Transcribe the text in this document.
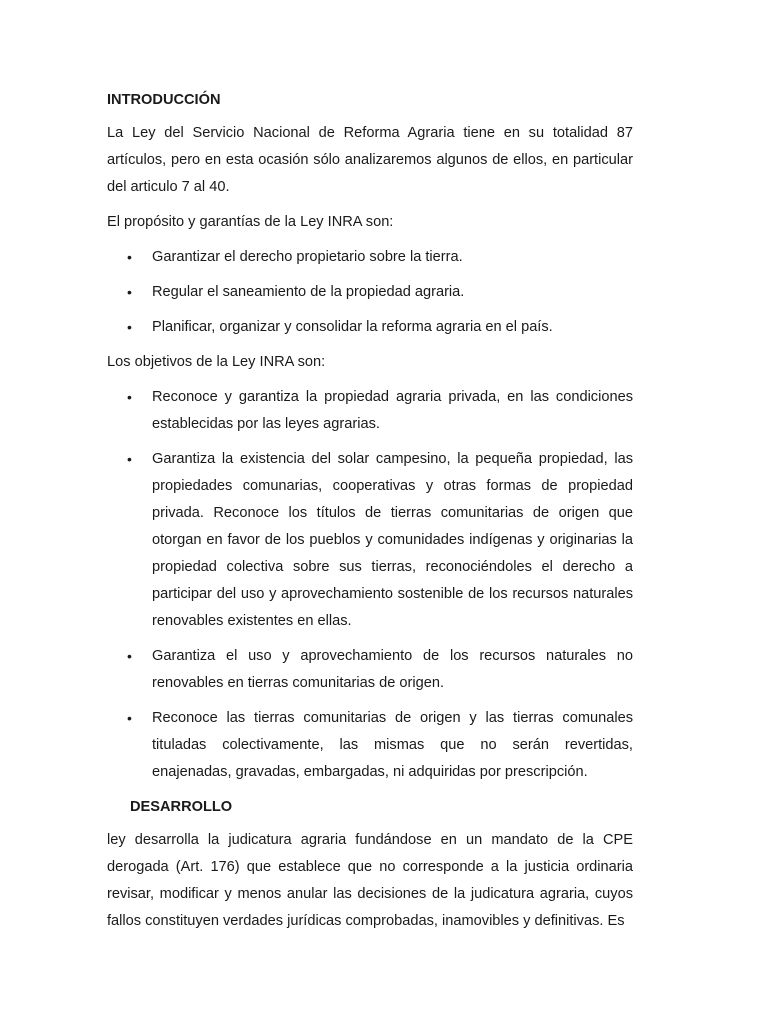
INTRODUCCIÓN

La Ley del Servicio Nacional de Reforma Agraria tiene en su totalidad 87 artículos, pero en esta ocasión sólo analizaremos algunos de ellos, en particular del articulo 7 al 40.

El propósito y garantías de la Ley INRA son:

• Garantizar el derecho propietario sobre la tierra.
• Regular el saneamiento de la propiedad agraria.
• Planificar, organizar y consolidar la reforma agraria en el país.

Los objetivos de la Ley INRA son:

• Reconoce y garantiza la propiedad agraria privada, en las condiciones establecidas por las leyes agrarias.
• Garantiza la existencia del solar campesino, la pequeña propiedad, las propiedades comunarias, cooperativas y otras formas de propiedad privada. Reconoce los títulos de tierras comunitarias de origen que otorgan en favor de los pueblos y comunidades indígenas y originarias la propiedad colectiva sobre sus tierras, reconociéndoles el derecho a participar del uso y aprovechamiento sostenible de los recursos naturales renovables existentes en ellas.
• Garantiza el uso y aprovechamiento de los recursos naturales no renovables en tierras comunitarias de origen.
• Reconoce las tierras comunitarias de origen y las tierras comunales tituladas colectivamente, las mismas que no serán revertidas, enajenadas, gravadas, embargadas, ni adquiridas por prescripción.
DESARROLLO

ley desarrolla la judicatura agraria fundándose en un mandato de la CPE derogada (Art. 176) que establece que no corresponde a la justicia ordinaria revisar, modificar y menos anular las decisiones de la judicatura agraria, cuyos fallos constituyen verdades jurídicas comprobadas, inamovibles y definitivas. Es
